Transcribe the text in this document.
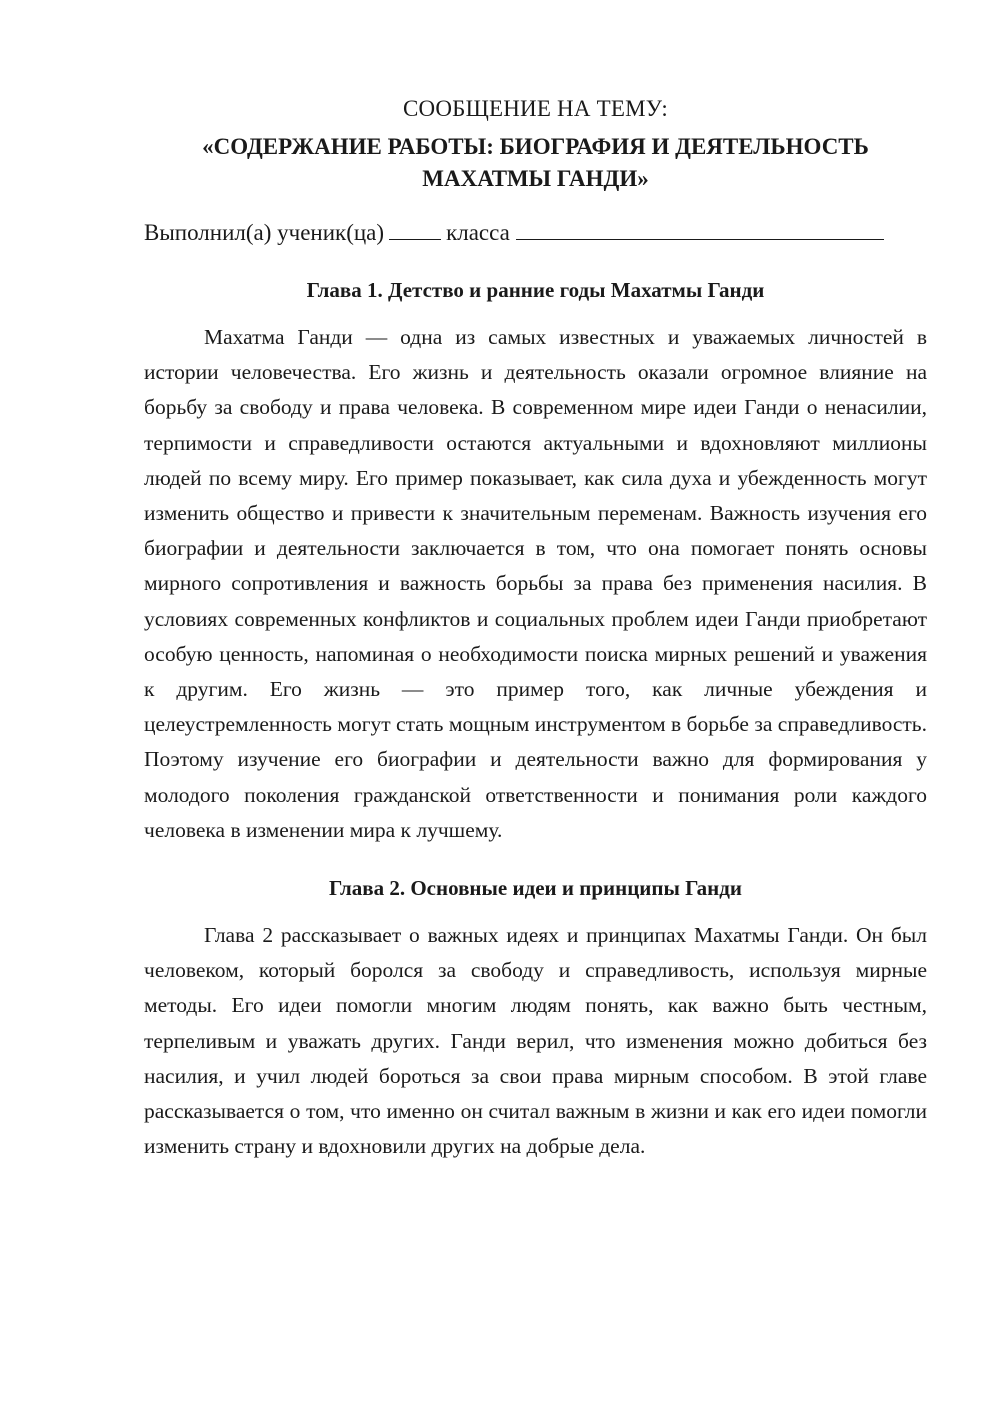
СООБЩЕНИЕ НА ТЕМУ:
«СОДЕРЖАНИЕ РАБОТЫ: БИОГРАФИЯ И ДЕЯТЕЛЬНОСТЬ
МАХАТМЫ ГАНДИ»
Выполнил(а) ученик(ца)	класса
Глава 1. Детство и ранние годы Махатмы Ганди

Махатма Ганди — одна из самых известных и уважаемых личностей в истории человечества. Его жизнь и деятельность оказали огромное влияние на борьбу за свободу и права человека. В современном мире идеи Ганди о ненасилии, терпимости и справедливости остаются актуальными и вдохновляют миллионы людей по всему миру. Его пример показывает, как сила духа и убежденность могут изменить общество и привести к значительным переменам. Важность изучения его биографии и деятельности заключается в том, что она помогает понять основы мирного сопротивления и важность борьбы за права без применения насилия. В условиях современных конфликтов и социальных проблем идеи Ганди приобретают особую ценность, напоминая о необходимости поиска мирных решений и уважения к другим. Его жизнь — это пример того, как личные убеждения и целеустремленность могут стать мощным инструментом в борьбе за справедливость. Поэтому изучение его биографии и деятельности важно для формирования у молодого поколения гражданской ответственности и понимания роли каждого человека в изменении мира к лучшему.

Глава 2. Основные идеи и принципы Ганди

Глава 2 рассказывает о важных идеях и принципах Махатмы Ганди. Он был человеком, который боролся за свободу и справедливость, используя мирные методы. Его идеи помогли многим людям понять, как важно быть честным, терпеливым и уважать других. Ганди верил, что изменения можно добиться без насилия, и учил людей бороться за свои права мирным способом. В этой главе рассказывается о том, что именно он считал важным в жизни и как его идеи помогли изменить страну и вдохновили других на добрые дела.
